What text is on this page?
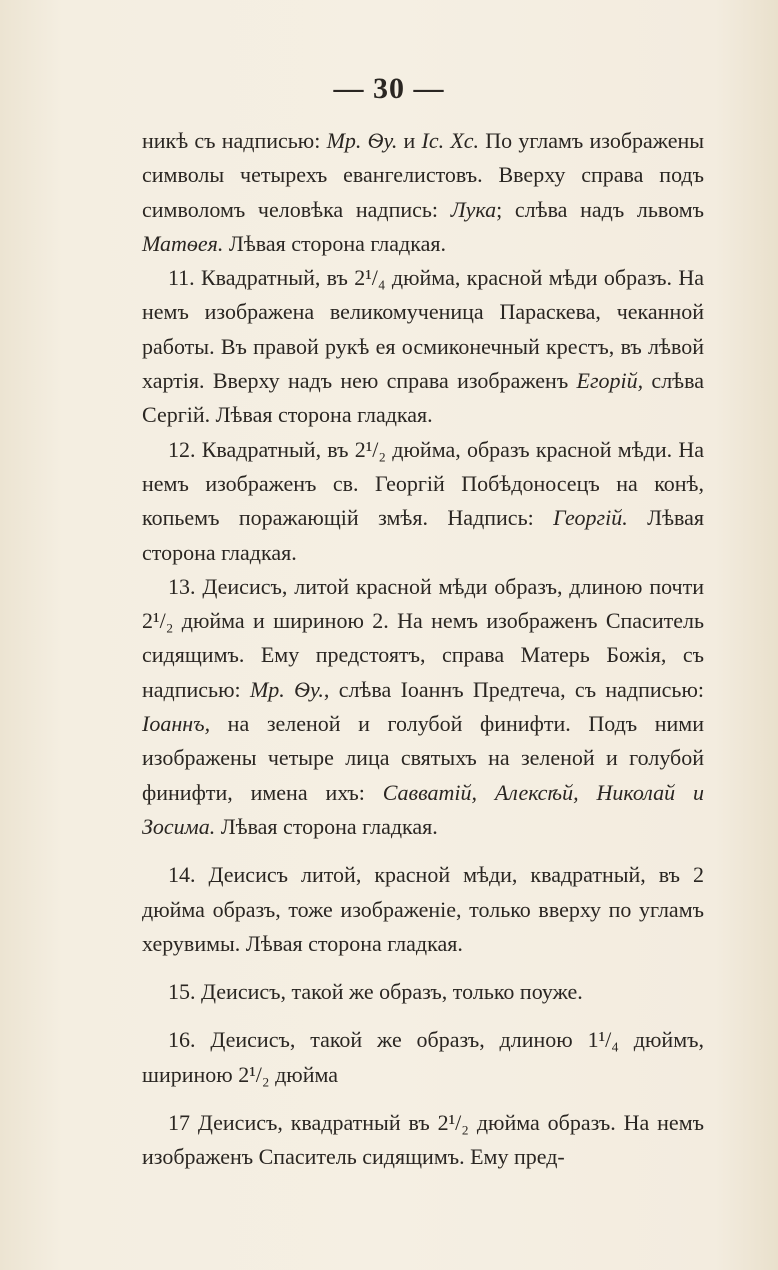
— 30 —

никѣ съ надписью: Мр. Ѳу. и Іс. Хс. По угламъ изображены символы четырехъ евангелистовъ. Вверху справа подъ символомъ человѣка надпись: Лука; слѣва надъ львомъ Матѳея. Лѣвая сторона гладкая.

11. Квадратный, въ 2¹/₄ дюйма, красной мѣди образъ. На немъ изображена великомученица Параскева, чеканной работы. Въ правой рукѣ ея осмиконечный крестъ, въ лѣвой хартія. Вверху надъ нею справа изображенъ Егорій, слѣва Сергій. Лѣвая сторона гладкая.

12. Квадратный, въ 2¹/₂ дюйма, образъ красной мѣди. На немъ изображенъ св. Георгій Побѣдоносецъ на конѣ, копьемъ поражающій змѣя. Надпись: Георгій. Лѣвая сторона гладкая.

13. Деисисъ, литой красной мѣди образъ, длиною почти 2¹/₂ дюйма и шириною 2. На немъ изображенъ Спаситель сидящимъ. Ему предстоятъ, справа Матерь Божія, съ надписью: Мр. Ѳу., слѣва Іоаннъ Предтеча, съ надписью: Іоаннъ, на зеленой и голубой финифти. Подъ ними изображены четыре лица святыхъ на зеленой и голубой финифти, имена ихъ: Савватій, Алексѣй, Николай и Зосима. Лѣвая сторона гладкая.

14. Деисисъ литой, красной мѣди, квадратный, въ 2 дюйма образъ, тоже изображеніе, только вверху по угламъ херувимы. Лѣвая сторона гладкая.

15. Деисисъ, такой же образъ, только поуже.

16. Деисисъ, такой же образъ, длиною 1¹/₄ дюймъ, шириною 2¹/₂ дюйма

17 Деисисъ, квадратный въ 2¹/₂ дюйма образъ. На немъ изображенъ Спаситель сидящимъ. Ему пред-
